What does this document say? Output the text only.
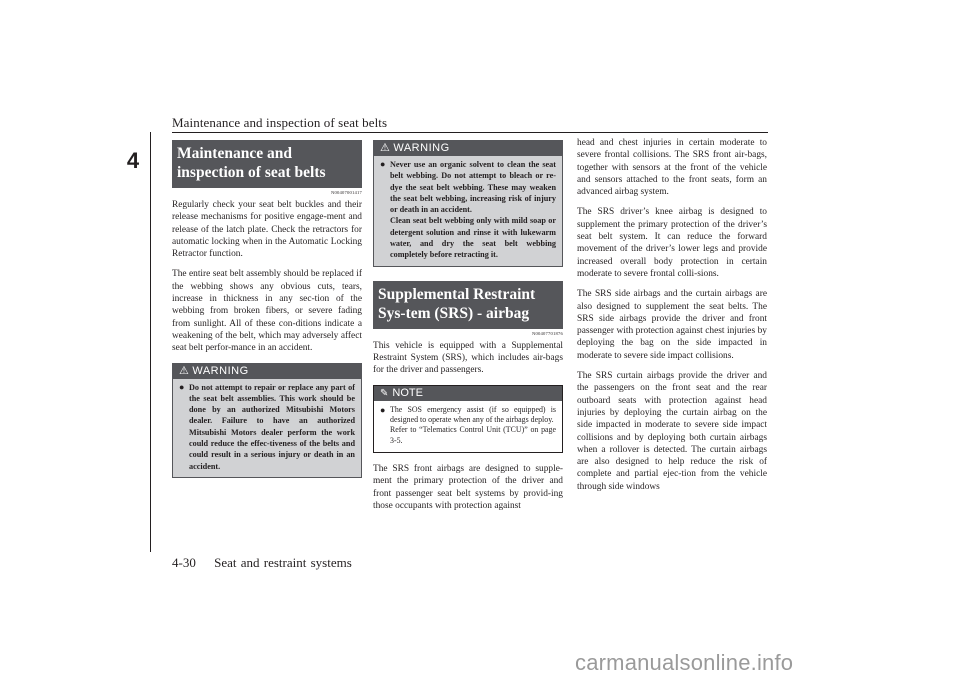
Maintenance and inspection of seat belts
4	Maintenance and inspection of seat belts
N00407001417

Regularly check your seat belt buckles and their release mechanisms for positive engage-ment and release of the latch plate. Check the retractors for automatic locking when in the Automatic Locking Retractor function.

The entire seat belt assembly should be replaced if the webbing shows any obvious cuts, tears, increase in thickness in any sec-tion of the webbing from broken fibers, or severe fading from sunlight. All of these con-ditions indicate a weakening of the belt, which may adversely affect seat belt perfor-mance in an accident.

⚠ WARNING
● Do not attempt to repair or replace any part of the seat belt assemblies. This work should be done by an authorized Mitsubishi Motors dealer. Failure to have an authorized Mitsubishi Motors dealer perform the work could reduce the effec-tiveness of the belts and could result in a serious injury or death in an accident.
⚠ WARNING
● Never use an organic solvent to clean the seat belt webbing. Do not attempt to bleach or re-dye the seat belt webbing. These may weaken the seat belt webbing, increasing risk of injury or death in an accident.
Clean seat belt webbing only with mild soap or detergent solution and rinse it with lukewarm water, and dry the seat belt webbing completely before retracting it.
Supplemental Restraint Sys-tem (SRS) - airbag
N00407701876

This vehicle is equipped with a Supplemental Restraint System (SRS), which includes air-bags for the driver and passengers.

✎ NOTE
● The SOS emergency assist (if so equipped) is designed to operate when any of the airbags deploy.
Refer to “Telematics Control Unit (TCU)” on page 3-5.

The SRS front airbags are designed to supple-ment the primary protection of the driver and front passenger seat belt systems by provid-ing those occupants with protection against

head and chest injuries in certain moderate to severe frontal collisions. The SRS front air-bags, together with sensors at the front of the vehicle and sensors attached to the front seats, form an advanced airbag system.

The SRS driver’s knee airbag is designed to supplement the primary protection of the driver’s seat belt system. It can reduce the forward movement of the driver’s lower legs and provide increased overall body protection in certain moderate to severe frontal colli-sions.

The SRS side airbags and the curtain airbags are also designed to supplement the seat belts. The SRS side airbags provide the driver and front passenger with protection against chest injuries by deploying the bag on the side impacted in moderate to severe side impact collisions.

The SRS curtain airbags provide the driver and the passengers on the front seat and the rear outboard seats with protection against head injuries by deploying the curtain airbag on the side impacted in moderate to severe side impact collisions and by deploying both curtain airbags when a rollover is detected. The curtain airbags are also designed to help reduce the risk of complete and partial ejec-tion from the vehicle through side windows

4-30 Seat and restraint systems
carmanualsonline.info
